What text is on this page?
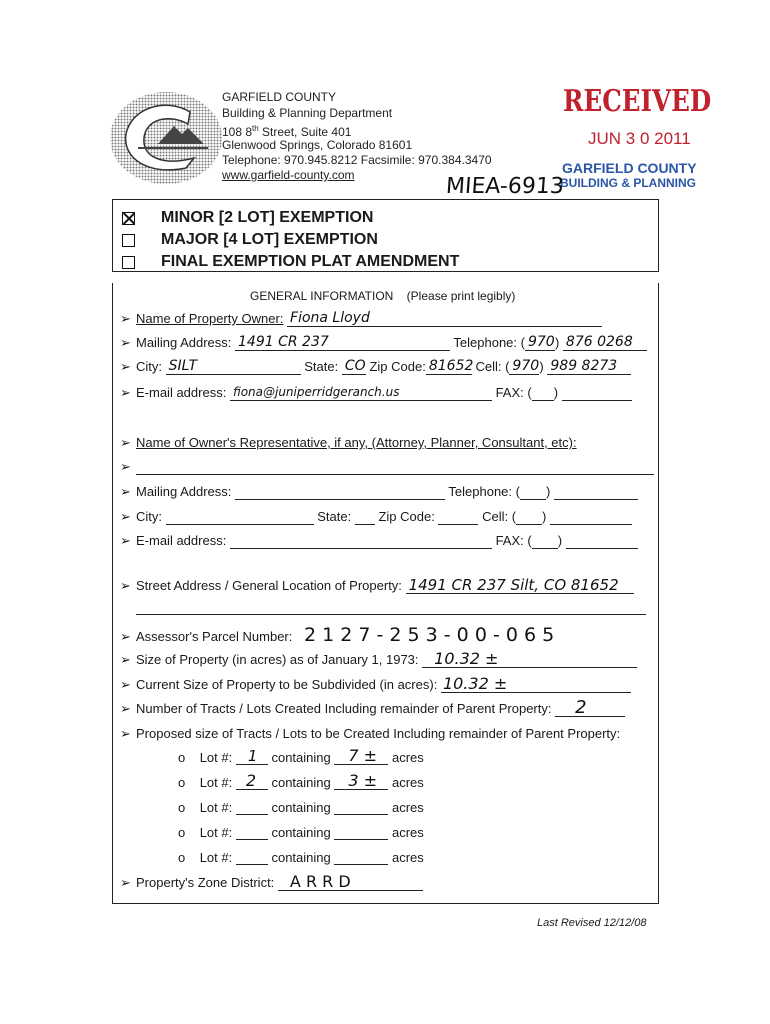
GARFIELD COUNTY
Building & Planning Department
108 8th Street, Suite 401
Glenwood Springs, Colorado 81601
Telephone: 970.945.8212 Facsimile: 970.384.3470
www.garfield-county.com
RECEIVED
JUN 3 0 2011
GARFIELD COUNTY
BUILDING & PLANNING
MIEA-6913
MINOR [2 LOT] EXEMPTION
MAJOR [4 LOT] EXEMPTION
FINAL EXEMPTION PLAT AMENDMENT
GENERAL INFORMATION    (Please print legibly)
➢ Name of Property Owner: Fiona Lloyd
➢ Mailing Address: 1491 CR 237	Telephone: ( 970 ) 876 0268
➢ City: SILT	State: CO Zip Code: 81652 Cell: ( 970 ) 989 8273
➢ E-mail address: fiona@juniperridgeranch.us	FAX: ( )
➢ Name of Owner's Representative, if any, (Attorney, Planner, Consultant, etc):
➢
➢ Mailing Address:	Telephone: ( )
➢ City:	State: Zip Code:	Cell: ( )
➢ E-mail address:	FAX: ( )
➢ Street Address / General Location of Property: 1491 CR 237 Silt, CO 81652
➢ Assessor's Parcel Number: 2 1 2 7 - 2 5 3 - 0 0 - 0 6 5
➢ Size of Property (in acres) as of January 1, 1973: 10.32 ±
➢ Current Size of Property to be Subdivided (in acres): 10.32 ±
➢ Number of Tracts / Lots Created Including remainder of Parent Property: 2
➢ Proposed size of Tracts / Lots to be Created Including remainder of Parent Property:
o Lot #: 1 containing 7 ± acres
o Lot #: 2 containing 3 ± acres
o Lot #:	containing	acres
o Lot #:	containing	acres
o Lot #:	containing	acres
➢ Property's Zone District: A R R D
Last Revised 12/12/08
